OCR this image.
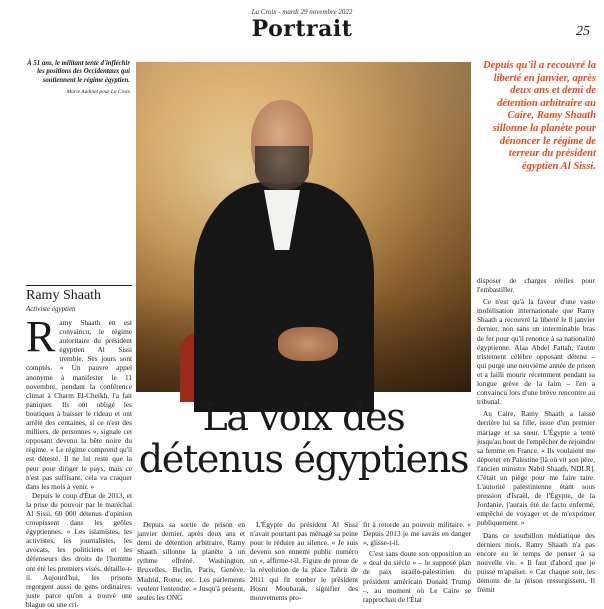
La Croix - mardi 29 novembre 2022
Portrait	25
À 51 ans, le militant tente d'infléchir les positions des Occidentaux qui soutiennent le régime égyptien.
Marie Audinet pour La Croix
Depuis qu'il a recouvré la liberté en janvier, après deux ans et demi de détention arbitraire au Caire, Ramy Shaath sillonne la planète pour dénoncer le régime de terreur du président égyptien Al Sissi.
Ramy Shaath
Activiste égyptien
R amy Shaath en est convaincu, le régime autoritaire du président égyptien Al Sissi tremble. Ses jours sont comptés. « Un pauvre appel anonyme à manifester le 11 novembre, pendant la conférence climat à Charm El-Cheikh, l'a fait paniquer. Ils ont obligé les boutiques à baisser le rideau et ont arrêté des centaines, si ce n'est des milliers, de personnes », signale cet opposant devenu la bête noire du régime. « Le régime comprend qu'il est détesté. Il ne lui reste que la peur pour diriger le pays, mais ce n'est pas suffisant, cela va craquer dans les mois à venir. »
Depuis le coup d'État de 2013, et la prise du pouvoir par le maréchal Al Sissi, 60 000 détenus d'opinion croupissent dans les geôles égyptiennes. « Les islamistes, les activistes, les journalistes, les avocats, les politiciens et les défenseurs des droits de l'homme ont été les premiers visés, détaille-t-il. Aujourd'hui, les prisons regorgent aussi de gens ordinaires, juste parce qu'on a trouvé une blague ou une cri-
La voix des
détenus égyptiens
Depuis sa sortie de prison en janvier dernier, après deux ans et demi de détention arbitraire, Ramy Shaath sillonne la planète à un rythme effréné. Washington, Bruxelles, Berlin, Paris, Genève, Madrid, Rome, etc. Les parlements veulent l'entendre. « Jusqu'à présent, seules les ONG
L'Égypte du président Al Sissi n'avait pourtant pas ménagé sa peine pour le réduire au silence. « Je suis devenu son ennemi public numéro un », affirme-t-il. Figure de proue de la révolution de la place Tahrir de 2011 qui fit tomber le président Hosni Moubarak, signifier des mouvements pro-
fit à retorde au pouvoir militaire. « Depuis 2013 je me savais en danger », glisse-t-il.
C'est sans doute son opposition au « deal du siècle » – le supposé plan de paix israélo-palestinien du président américain Donald Trump –, au moment où Le Caire se rapprochait de l'État
disposer de charges réelles pour l'embastiller.
Ce n'est qu'à la faveur d'une vaste mobilisation internationale que Ramy Shaath a recouvré la liberté le 8 janvier dernier, non sans un interminable bras de fer pour qu'il renonce à sa nationalité égyptienne. Alaa Abdel Fattah, l'autre tristement célèbre opposant détenu – qui purge une neuvième année de prison et a failli mourir récemment pendant sa longue grève de la faim – l'en a convaincu lors d'une brève rencontre au tribunal.
Au Caire, Ramy Shaath a laissé derrière lui sa fille, issue d'un premier mariage et sa sœur. L'Égypte a tenté jusqu'au bout de l'empêcher de rejoindre sa femme en France. « Ils voulaient me déporter en Palestine [là où vit son père, l'ancien ministre Nabil Shaath, NDLR]. C'était un piège pour me faire taire. L'autorité palestinienne étant sous pression d'Israël, de l'Égypte, de la Jordanie, j'aurais été de facto enfermé, empêché de voyager et de m'exprimer publiquement. »
Dans ce tourbillon médiatique des derniers mois, Ramy Shaath n'a pas encore eu le temps de penser à sa nouvelle vie. « Il faut d'abord que je puisse m'apaiser. » Car chaque soir, les démons de la prison ressurgissent. Il frémit
